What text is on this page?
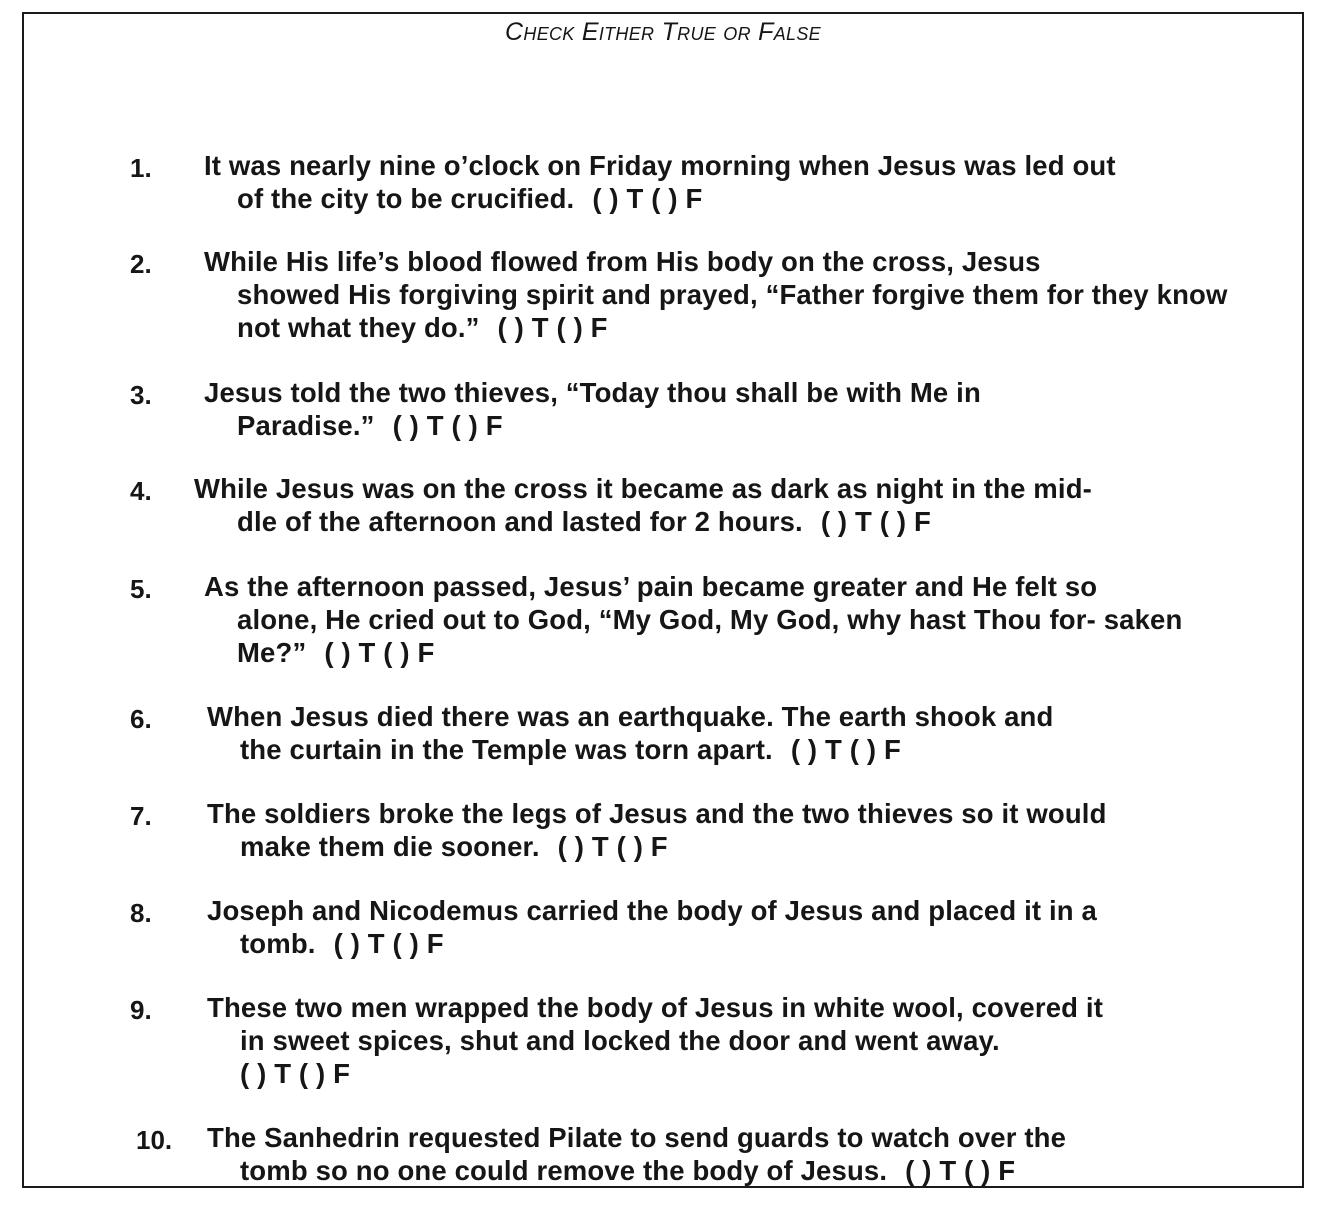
Check Either True or False
1. It was nearly nine o’clock on Friday morning when Jesus was led out
of the city to be crucified. ( ) T ( ) F
2. While His life’s blood flowed from His body on the cross, Jesus
showed His forgiving spirit and prayed, “Father forgive them for they know not what they do.” ( ) T ( ) F
3. Jesus told the two thieves, “Today thou shall be with Me in
Paradise.” ( ) T ( ) F
4. While Jesus was on the cross it became as dark as night in the mid-
dle of the afternoon and lasted for 2 hours. ( ) T ( ) F
5. As the afternoon passed, Jesus’ pain became greater and He felt so
alone, He cried out to God, “My God, My God, why hast Thou for- saken Me?” ( ) T ( ) F
6. When Jesus died there was an earthquake. The earth shook and
the curtain in the Temple was torn apart. ( ) T ( ) F
7. The soldiers broke the legs of Jesus and the two thieves so it would
make them die sooner. ( ) T ( ) F
8. Joseph and Nicodemus carried the body of Jesus and placed it in a
tomb. ( ) T ( ) F
9. These two men wrapped the body of Jesus in white wool, covered it
in sweet spices, shut and locked the door and went away.
( ) T ( ) F
10. The Sanhedrin requested Pilate to send guards to watch over the
tomb so no one could remove the body of Jesus. ( ) T ( ) F
